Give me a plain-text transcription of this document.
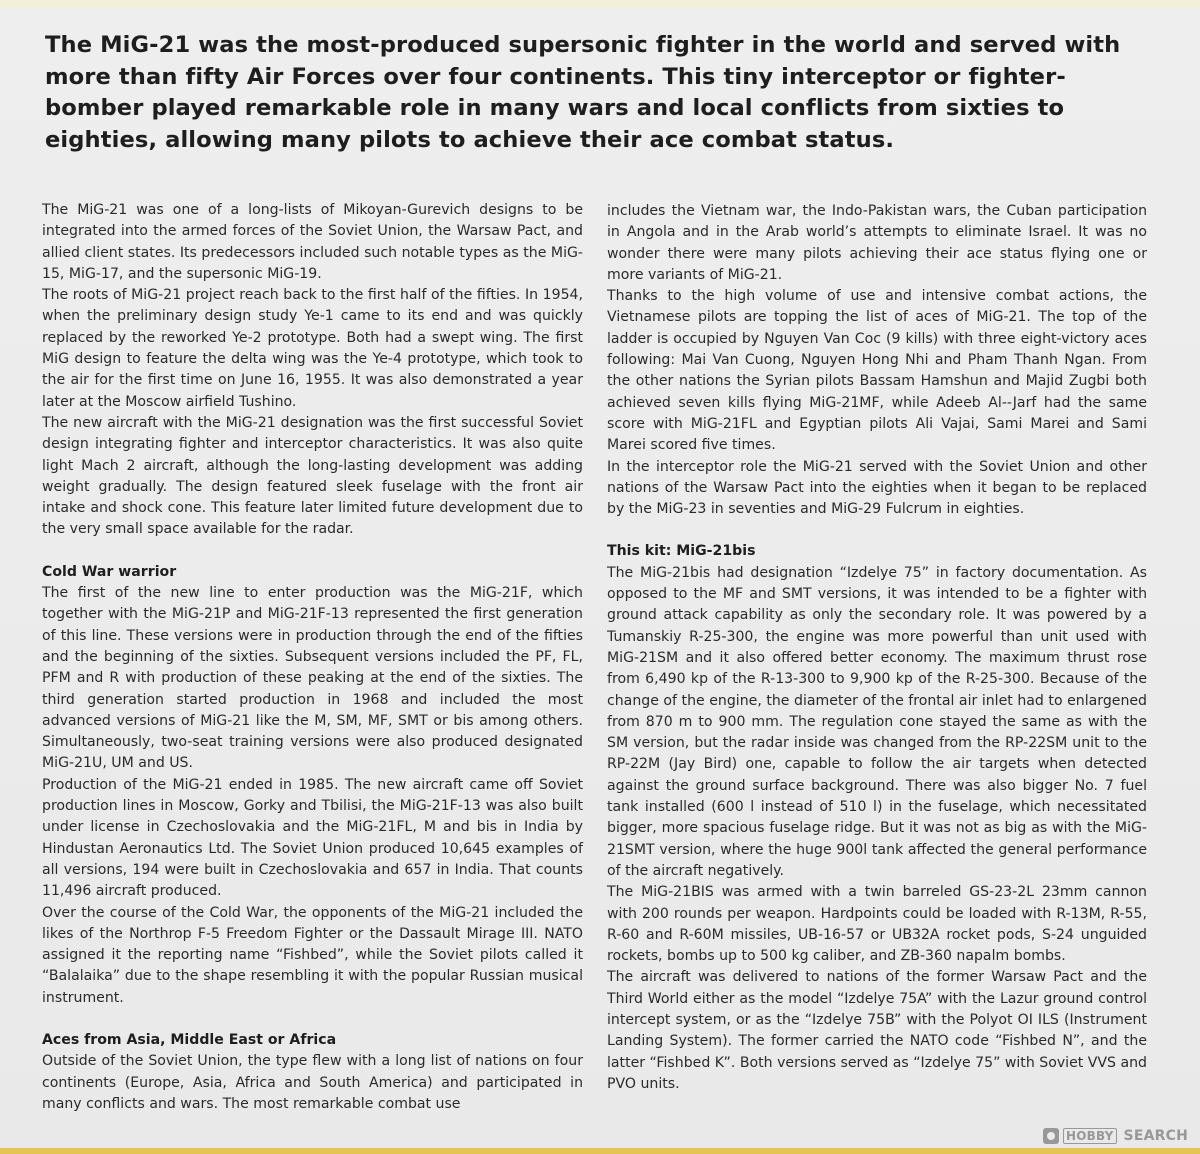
The MiG-21 was the most-produced supersonic fighter in the world and served with more than fifty Air Forces over four continents. This tiny interceptor or fighter-bomber played remarkable role in many wars and local conflicts from sixties to eighties, allowing many pilots to achieve their ace combat status.

The MiG-21 was one of a long-lists of Mikoyan-Gurevich designs to be integrated into the armed forces of the Soviet Union, the Warsaw Pact, and allied client states. Its predecessors included such notable types as the MiG-15, MiG-17, and the supersonic MiG-19.

The roots of MiG-21 project reach back to the first half of the fifties. In 1954, when the preliminary design study Ye-1 came to its end and was quickly replaced by the reworked Ye-2 prototype. Both had a swept wing. The first MiG design to feature the delta wing was the Ye-4 prototype, which took to the air for the first time on June 16, 1955. It was also demonstrated a year later at the Moscow airfield Tushino.

The new aircraft with the MiG-21 designation was the first successful Soviet design integrating fighter and interceptor characteristics. It was also quite light Mach 2 aircraft, although the long-lasting development was adding weight gradually. The design featured sleek fuselage with the front air intake and shock cone. This feature later limited future development due to the very small space available for the radar.

Cold War warrior

The first of the new line to enter production was the MiG-21F, which together with the MiG-21P and MiG-21F-13 represented the first generation of this line. These versions were in production through the end of the fifties and the beginning of the sixties. Subsequent versions included the PF, FL, PFM and R with production of these peaking at the end of the sixties. The third generation started production in 1968 and included the most advanced versions of MiG-21 like the M, SM, MF, SMT or bis among others. Simultaneously, two-seat training versions were also produced designated MiG-21U, UM and US.

Production of the MiG-21 ended in 1985. The new aircraft came off Soviet production lines in Moscow, Gorky and Tbilisi, the MiG-21F-13 was also built under license in Czechoslovakia and the MiG-21FL, M and bis in India by Hindustan Aeronautics Ltd. The Soviet Union produced 10,645 examples of all versions, 194 were built in Czechoslovakia and 657 in India. That counts 11,496 aircraft produced.

Over the course of the Cold War, the opponents of the MiG-21 included the likes of the Northrop F-5 Freedom Fighter or the Dassault Mirage III. NATO assigned it the reporting name “Fishbed”, while the Soviet pilots called it “Balalaika” due to the shape resembling it with the popular Russian musical instrument.

Aces from Asia, Middle East or Africa

Outside of the Soviet Union, the type flew with a long list of nations on four continents (Europe, Asia, Africa and South America) and participated in many conflicts and wars. The most remarkable combat use

includes the Vietnam war, the Indo-Pakistan wars, the Cuban participation in Angola and in the Arab world’s attempts to eliminate Israel. It was no wonder there were many pilots achieving their ace status flying one or more variants of MiG-21.

Thanks to the high volume of use and intensive combat actions, the Vietnamese pilots are topping the list of aces of MiG-21. The top of the ladder is occupied by Nguyen Van Coc (9 kills) with three eight-victory aces following: Mai Van Cuong, Nguyen Hong Nhi and Pham Thanh Ngan. From the other nations the Syrian pilots Bassam Hamshun and Majid Zugbi both achieved seven kills flying MiG-21MF, while Adeeb Al--Jarf had the same score with MiG-21FL and Egyptian pilots Ali Vajai, Sami Marei and Sami Marei scored five times.

In the interceptor role the MiG-21 served with the Soviet Union and other nations of the Warsaw Pact into the eighties when it began to be replaced by the MiG-23 in seventies and MiG-29 Fulcrum in eighties.

This kit: MiG-21bis

The MiG-21bis had designation “Izdelye 75” in factory documentation. As opposed to the MF and SMT versions, it was intended to be a fighter with ground attack capability as only the secondary role. It was powered by a Tumanskiy R-25-300, the engine was more powerful than unit used with MiG-21SM and it also offered better economy. The maximum thrust rose from 6,490 kp of the R-13-300 to 9,900 kp of the R-25-300. Because of the change of the engine, the diameter of the frontal air inlet had to enlargened from 870 m to 900 mm. The regulation cone stayed the same as with the SM version, but the radar inside was changed from the RP-22SM unit to the RP-22M (Jay Bird) one, capable to follow the air targets when detected against the ground surface background. There was also bigger No. 7 fuel tank installed (600 l instead of 510 l) in the fuselage, which necessitated bigger, more spacious fuselage ridge. But it was not as big as with the MiG-21SMT version, where the huge 900l tank affected the general performance of the aircraft negatively.

The MiG-21BIS was armed with a twin barreled GS-23-2L 23mm cannon with 200 rounds per weapon. Hardpoints could be loaded with R-13M, R-55, R-60 and R-60M missiles, UB-16-57 or UB32A rocket pods, S-24 unguided rockets, bombs up to 500 kg caliber, and ZB-360 napalm bombs.

The aircraft was delivered to nations of the former Warsaw Pact and the Third World either as the model “Izdelye 75A” with the Lazur ground control intercept system, or as the “Izdelye 75B” with the Polyot OI ILS (Instrument Landing System). The former carried the NATO code “Fishbed N”, and the latter “Fishbed K”. Both versions served as “Izdelye 75” with Soviet VVS and PVO units.

HOBBY SEARCH
